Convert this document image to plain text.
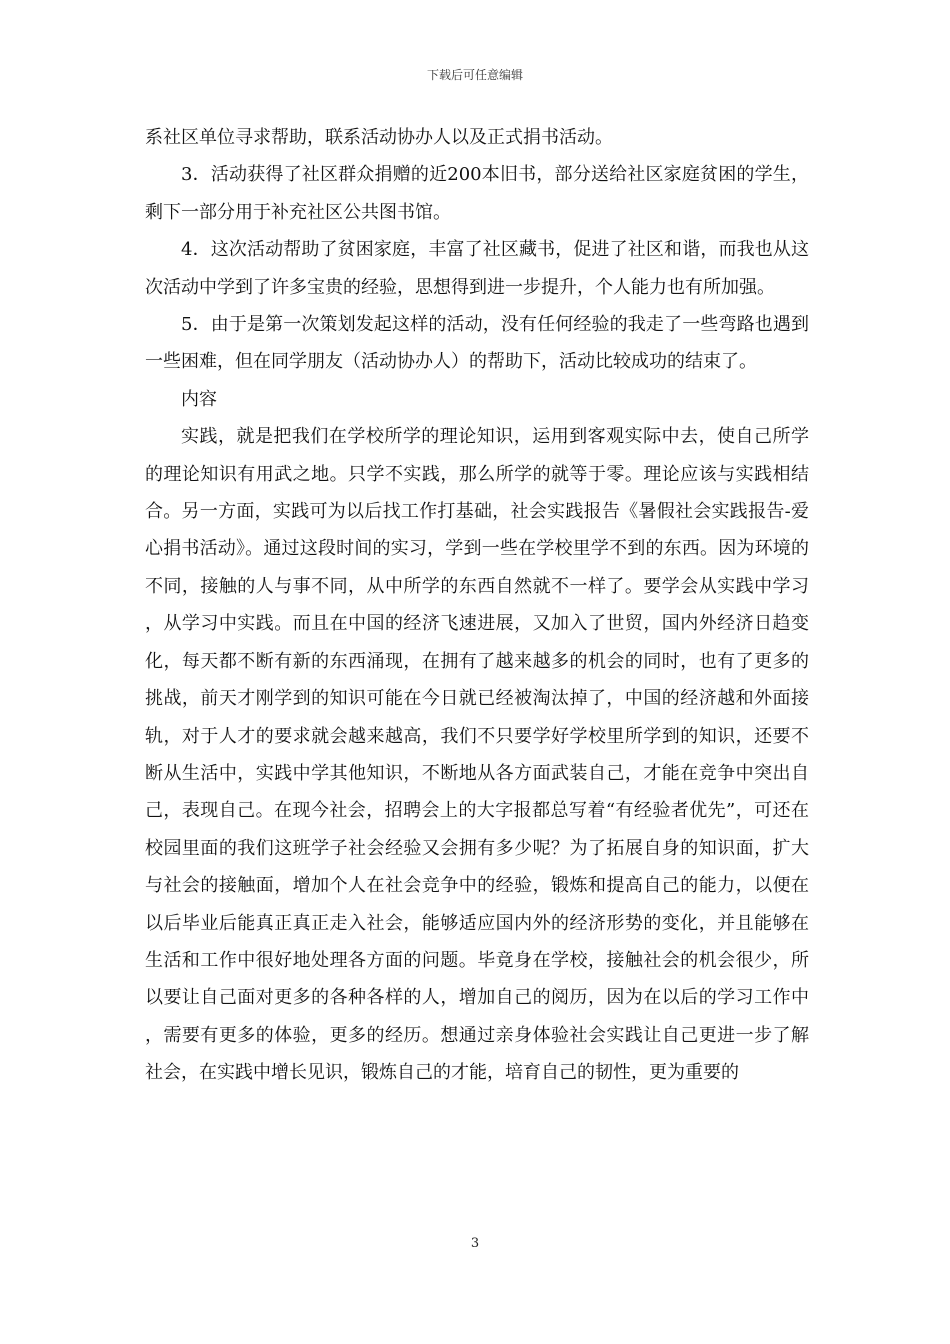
下载后可任意编辑

系社区单位寻求帮助，联系活动协办人以及正式捐书活动。

3．活动获得了社区群众捐赠的近200本旧书，部分送给社区家庭贫困的学生，剩下一部分用于补充社区公共图书馆。

4．这次活动帮助了贫困家庭，丰富了社区藏书，促进了社区和谐，而我也从这次活动中学到了许多宝贵的经验，思想得到进一步提升，个人能力也有所加强。

5．由于是第一次策划发起这样的活动，没有任何经验的我走了一些弯路也遇到一些困难，但在同学朋友（活动协办人）的帮助下，活动比较成功的结束了。

内容

实践，就是把我们在学校所学的理论知识，运用到客观实际中去，使自己所学的理论知识有用武之地。只学不实践，那么所学的就等于零。理论应该与实践相结合。另一方面，实践可为以后找工作打基础，社会实践报告《暑假社会实践报告-爱心捐书活动》。通过这段时间的实习，学到一些在学校里学不到的东西。因为环境的不同，接触的人与事不同，从中所学的东西自然就不一样了。要学会从实践中学习，从学习中实践。而且在中国的经济飞速进展，又加入了世贸，国内外经济日趋变化，每天都不断有新的东西涌现，在拥有了越来越多的机会的同时，也有了更多的挑战，前天才刚学到的知识可能在今日就已经被淘汰掉了，中国的经济越和外面接轨，对于人才的要求就会越来越高，我们不只要学好学校里所学到的知识，还要不断从生活中，实践中学其他知识，不断地从各方面武装自己，才能在竞争中突出自己，表现自己。在现今社会，招聘会上的大字报都总写着“有经验者优先”，可还在校园里面的我们这班学子社会经验又会拥有多少呢？为了拓展自身的知识面，扩大与社会的接触面，增加个人在社会竞争中的经验，锻炼和提高自己的能力，以便在以后毕业后能真正真正走入社会，能够适应国内外的经济形势的变化，并且能够在生活和工作中很好地处理各方面的问题。毕竟身在学校，接触社会的机会很少，所以要让自己面对更多的各种各样的人，增加自己的阅历，因为在以后的学习工作中，需要有更多的体验，更多的经历。想通过亲身体验社会实践让自己更进一步了解社会，在实践中增长见识，锻炼自己的才能，培育自己的韧性，更为重要的

3
